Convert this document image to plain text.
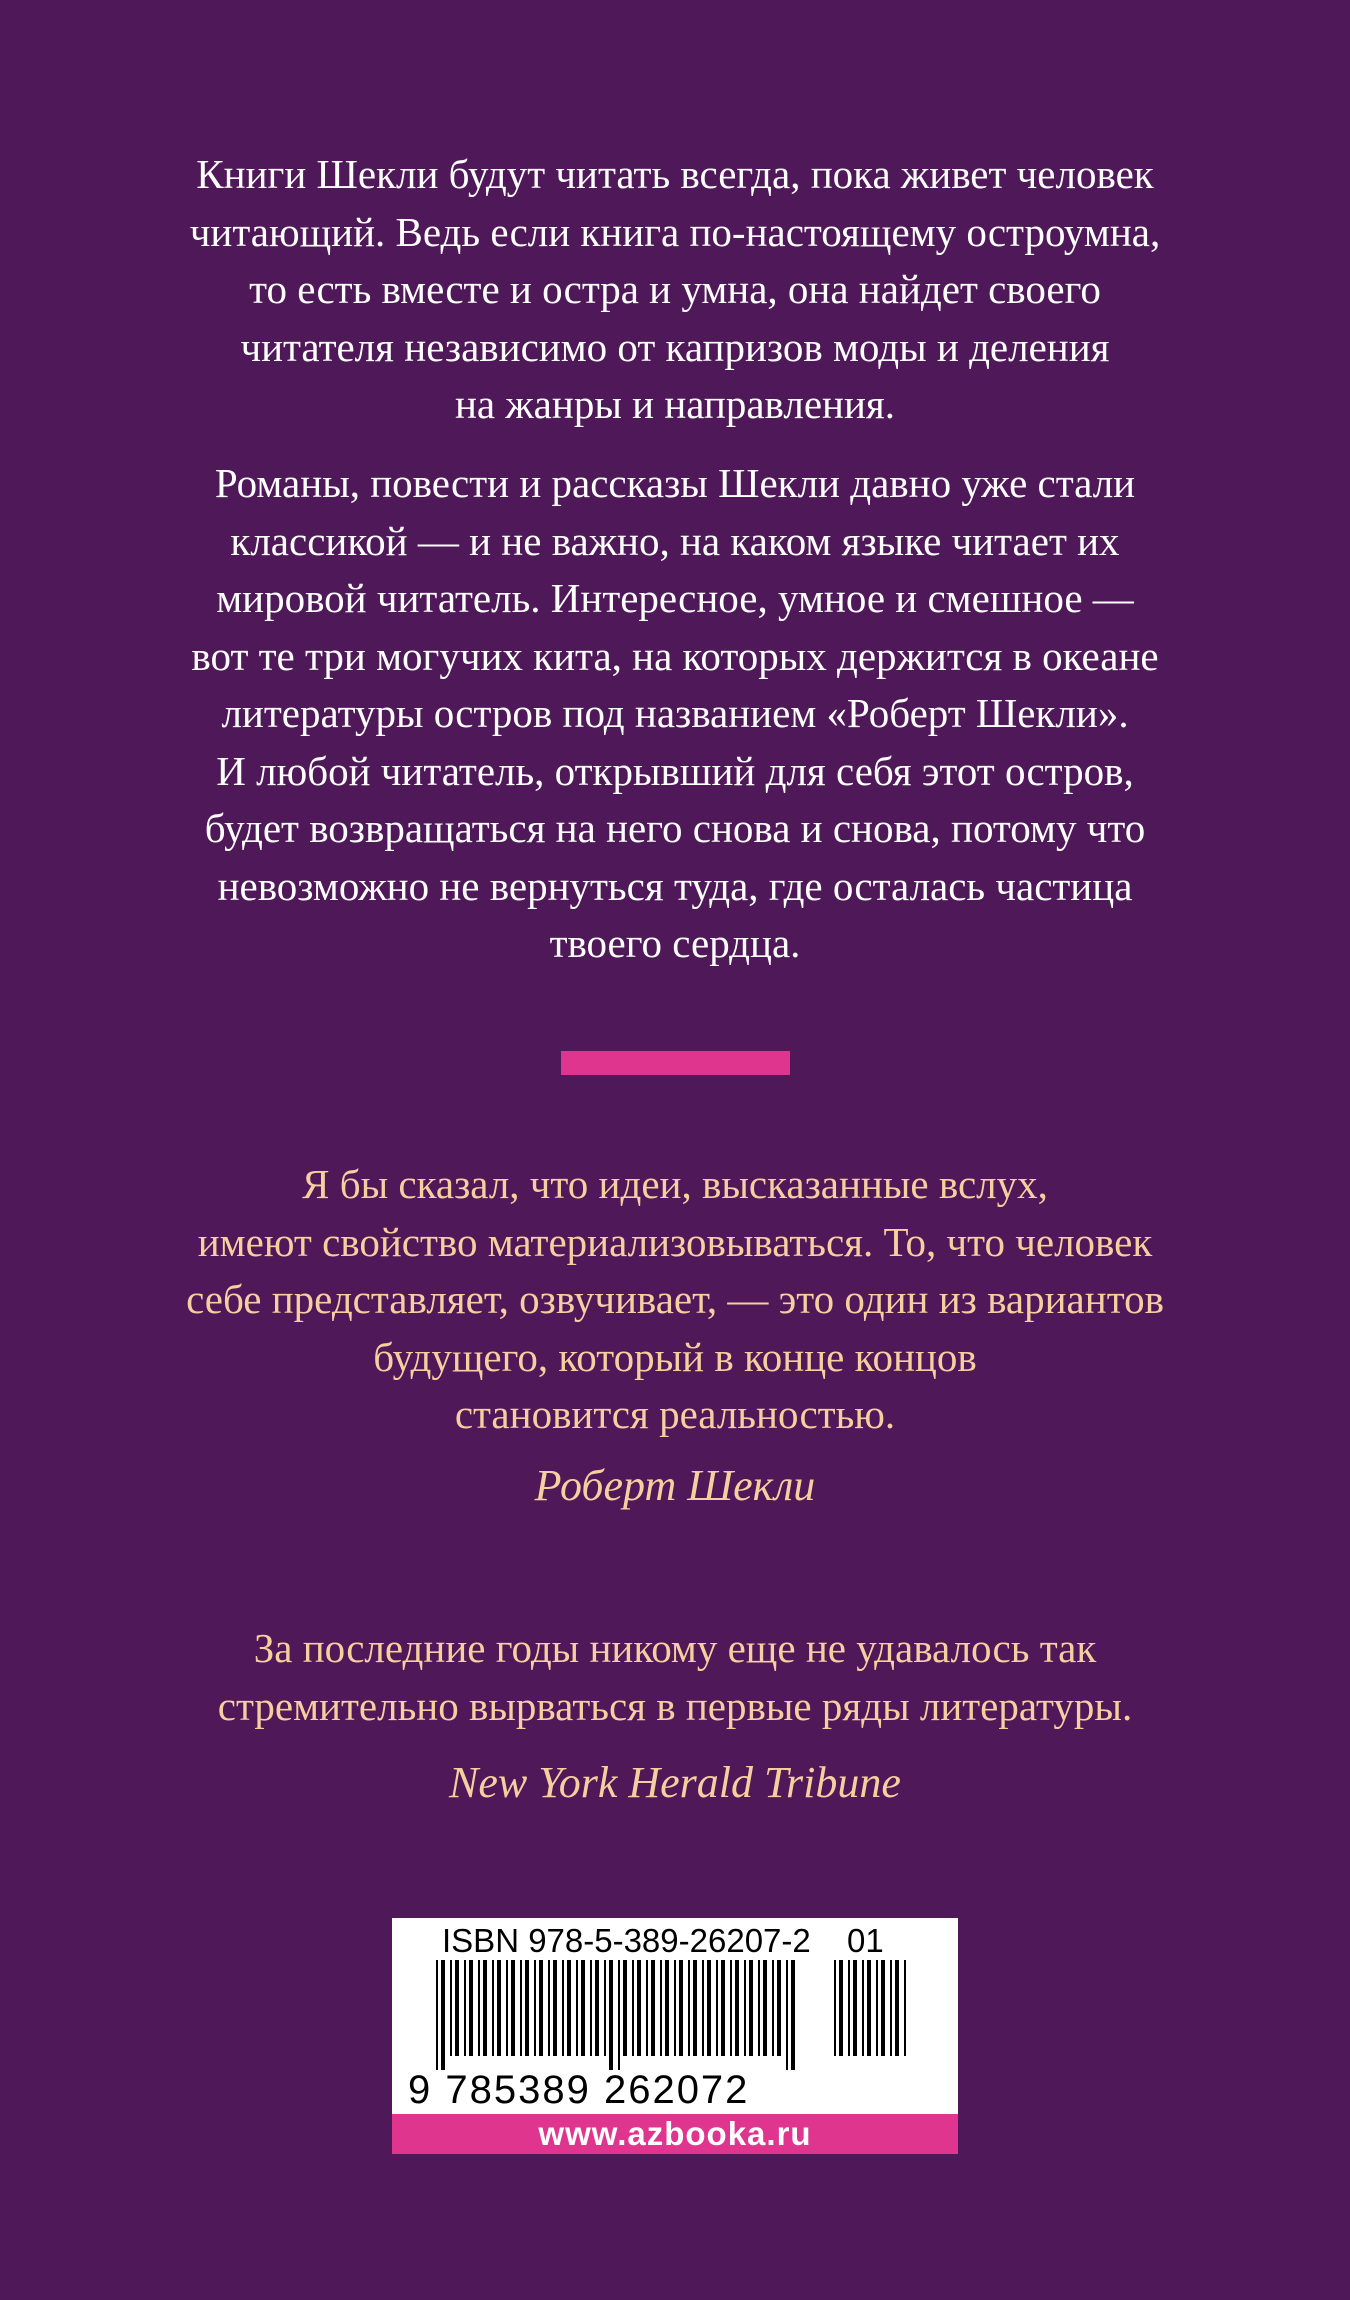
Книги Шекли будут читать всегда, пока живет человек
читающий. Ведь если книга по-настоящему остроумна,
то есть вместе и остра и умна, она найдет своего
читателя независимо от капризов моды и деления
на жанры и направления.
Романы, повести и рассказы Шекли давно уже стали
классикой — и не важно, на каком языке читает их
мировой читатель. Интересное, умное и смешное —
вот те три могучих кита, на которых держится в океане
литературы остров под названием «Роберт Шекли».
И любой читатель, открывший для себя этот остров,
будет возвращаться на него снова и снова, потому что
невозможно не вернуться туда, где осталась частица
твоего сердца.
Я бы сказал, что идеи, высказанные вслух,
имеют свойство материализовываться. То, что человек
себе представляет, озвучивает, — это один из вариантов
будущего, который в конце концов
становится реальностью.
Роберт Шекли
За последние годы никому еще не удавалось так
стремительно вырваться в первые ряды литературы.
New York Herald Tribune
ISBN 978-5-389-26207-2 01
9 785389 262072
www.azbooka.ru
